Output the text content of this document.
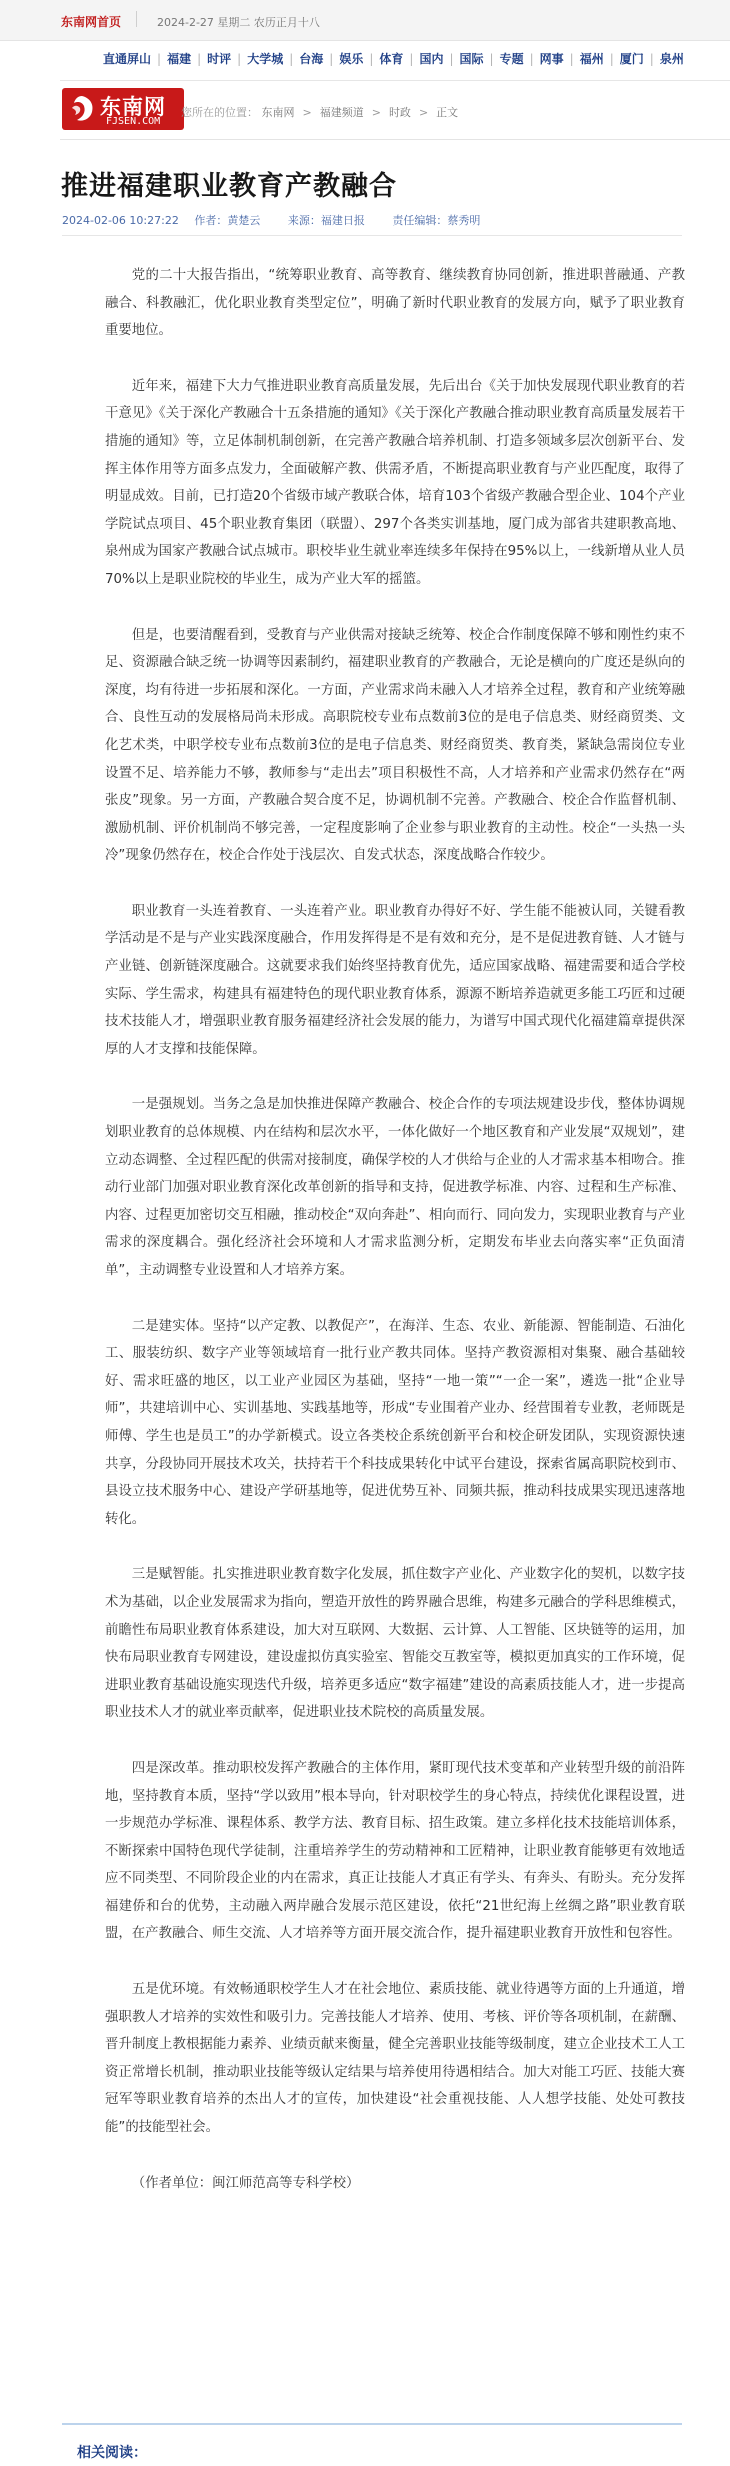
东南网首页	2024-2-27 星期二 农历正月十八
直通屏山 | 福建 | 时评 | 大学城 | 台海 | 娱乐 | 体育 | 国内 | 国际 | 专题 | 网事 | 福州 | 厦门 | 泉州
东南网
FJSEN.COM
您所在的位置： 东南网 > 福建频道 > 时政 > 正文
推进福建职业教育产教融合
2024-02-06 10:27:22 作者：黄楚云	来源：福建日报	责任编辑：蔡秀明

党的二十大报告指出，“统筹职业教育、高等教育、继续教育协同创新，推进职普融通、产教融合、科教融汇，优化职业教育类型定位”，明确了新时代职业教育的发展方向，赋予了职业教育重要地位。

近年来，福建下大力气推进职业教育高质量发展，先后出台《关于加快发展现代职业教育的若干意见》《关于深化产教融合十五条措施的通知》《关于深化产教融合推动职业教育高质量发展若干措施的通知》等，立足体制机制创新，在完善产教融合培养机制、打造多领域多层次创新平台、发挥主体作用等方面多点发力，全面破解产教、供需矛盾，不断提高职业教育与产业匹配度，取得了明显成效。目前，已打造20个省级市域产教联合体，培育103个省级产教融合型企业、104个产业学院试点项目、45个职业教育集团（联盟）、297个各类实训基地，厦门成为部省共建职教高地、泉州成为国家产教融合试点城市。职校毕业生就业率连续多年保持在95%以上，一线新增从业人员70%以上是职业院校的毕业生，成为产业大军的摇篮。

但是，也要清醒看到，受教育与产业供需对接缺乏统筹、校企合作制度保障不够和刚性约束不足、资源融合缺乏统一协调等因素制约，福建职业教育的产教融合，无论是横向的广度还是纵向的深度，均有待进一步拓展和深化。一方面，产业需求尚未融入人才培养全过程，教育和产业统筹融合、良性互动的发展格局尚未形成。高职院校专业布点数前3位的是电子信息类、财经商贸类、文化艺术类，中职学校专业布点数前3位的是电子信息类、财经商贸类、教育类，紧缺急需岗位专业设置不足、培养能力不够，教师参与“走出去”项目积极性不高，人才培养和产业需求仍然存在“两张皮”现象。另一方面，产教融合契合度不足，协调机制不完善。产教融合、校企合作监督机制、激励机制、评价机制尚不够完善，一定程度影响了企业参与职业教育的主动性。校企“一头热一头冷”现象仍然存在，校企合作处于浅层次、自发式状态，深度战略合作较少。

职业教育一头连着教育、一头连着产业。职业教育办得好不好、学生能不能被认同，关键看教学活动是不是与产业实践深度融合，作用发挥得是不是有效和充分，是不是促进教育链、人才链与产业链、创新链深度融合。这就要求我们始终坚持教育优先，适应国家战略、福建需要和适合学校实际、学生需求，构建具有福建特色的现代职业教育体系，源源不断培养造就更多能工巧匠和过硬技术技能人才，增强职业教育服务福建经济社会发展的能力，为谱写中国式现代化福建篇章提供深厚的人才支撑和技能保障。

一是强规划。当务之急是加快推进保障产教融合、校企合作的专项法规建设步伐，整体协调规划职业教育的总体规模、内在结构和层次水平，一体化做好一个地区教育和产业发展“双规划”，建立动态调整、全过程匹配的供需对接制度，确保学校的人才供给与企业的人才需求基本相吻合。推动行业部门加强对职业教育深化改革创新的指导和支持，促进教学标准、内容、过程和生产标准、内容、过程更加密切交互相融，推动校企“双向奔赴”、相向而行、同向发力，实现职业教育与产业需求的深度耦合。强化经济社会环境和人才需求监测分析，定期发布毕业去向落实率“正负面清单”，主动调整专业设置和人才培养方案。

二是建实体。坚持“以产定教、以教促产”，在海洋、生态、农业、新能源、智能制造、石油化工、服装纺织、数字产业等领域培育一批行业产教共同体。坚持产教资源相对集聚、融合基础较好、需求旺盛的地区，以工业产业园区为基础，坚持“一地一策”“一企一案”，遴选一批“企业导师”，共建培训中心、实训基地、实践基地等，形成“专业围着产业办、经营围着专业教，老师既是师傅、学生也是员工”的办学新模式。设立各类校企系统创新平台和校企研发团队，实现资源快速共享，分段协同开展技术攻关，扶持若干个科技成果转化中试平台建设，探索省属高职院校到市、县设立技术服务中心、建设产学研基地等，促进优势互补、同频共振，推动科技成果实现迅速落地转化。

三是赋智能。扎实推进职业教育数字化发展，抓住数字产业化、产业数字化的契机，以数字技术为基础，以企业发展需求为指向，塑造开放性的跨界融合思维，构建多元融合的学科思维模式，前瞻性布局职业教育体系建设，加大对互联网、大数据、云计算、人工智能、区块链等的运用，加快布局职业教育专网建设，建设虚拟仿真实验室、智能交互教室等，模拟更加真实的工作环境，促进职业教育基础设施实现迭代升级，培养更多适应“数字福建”建设的高素质技能人才，进一步提高职业技术人才的就业率贡献率，促进职业技术院校的高质量发展。

四是深改革。推动职校发挥产教融合的主体作用，紧盯现代技术变革和产业转型升级的前沿阵地，坚持教育本质，坚持“学以致用”根本导向，针对职校学生的身心特点，持续优化课程设置，进一步规范办学标准、课程体系、教学方法、教育目标、招生政策。建立多样化技术技能培训体系，不断探索中国特色现代学徒制，注重培养学生的劳动精神和工匠精神，让职业教育能够更有效地适应不同类型、不同阶段企业的内在需求，真正让技能人才真正有学头、有奔头、有盼头。充分发挥福建侨和台的优势，主动融入两岸融合发展示范区建设，依托“21世纪海上丝绸之路”职业教育联盟，在产教融合、师生交流、人才培养等方面开展交流合作，提升福建职业教育开放性和包容性。

五是优环境。有效畅通职校学生人才在社会地位、素质技能、就业待遇等方面的上升通道，增强职教人才培养的实效性和吸引力。完善技能人才培养、使用、考核、评价等各项机制，在薪酬、晋升制度上教根据能力素养、业绩贡献来衡量，健全完善职业技能等级制度，建立企业技术工人工资正常增长机制，推动职业技能等级认定结果与培养使用待遇相结合。加大对能工巧匠、技能大赛冠军等职业教育培养的杰出人才的宣传，加快建设“社会重视技能、人人想学技能、处处可教技能”的技能型社会。

（作者单位：闽江师范高等专科学校）

相关阅读：
